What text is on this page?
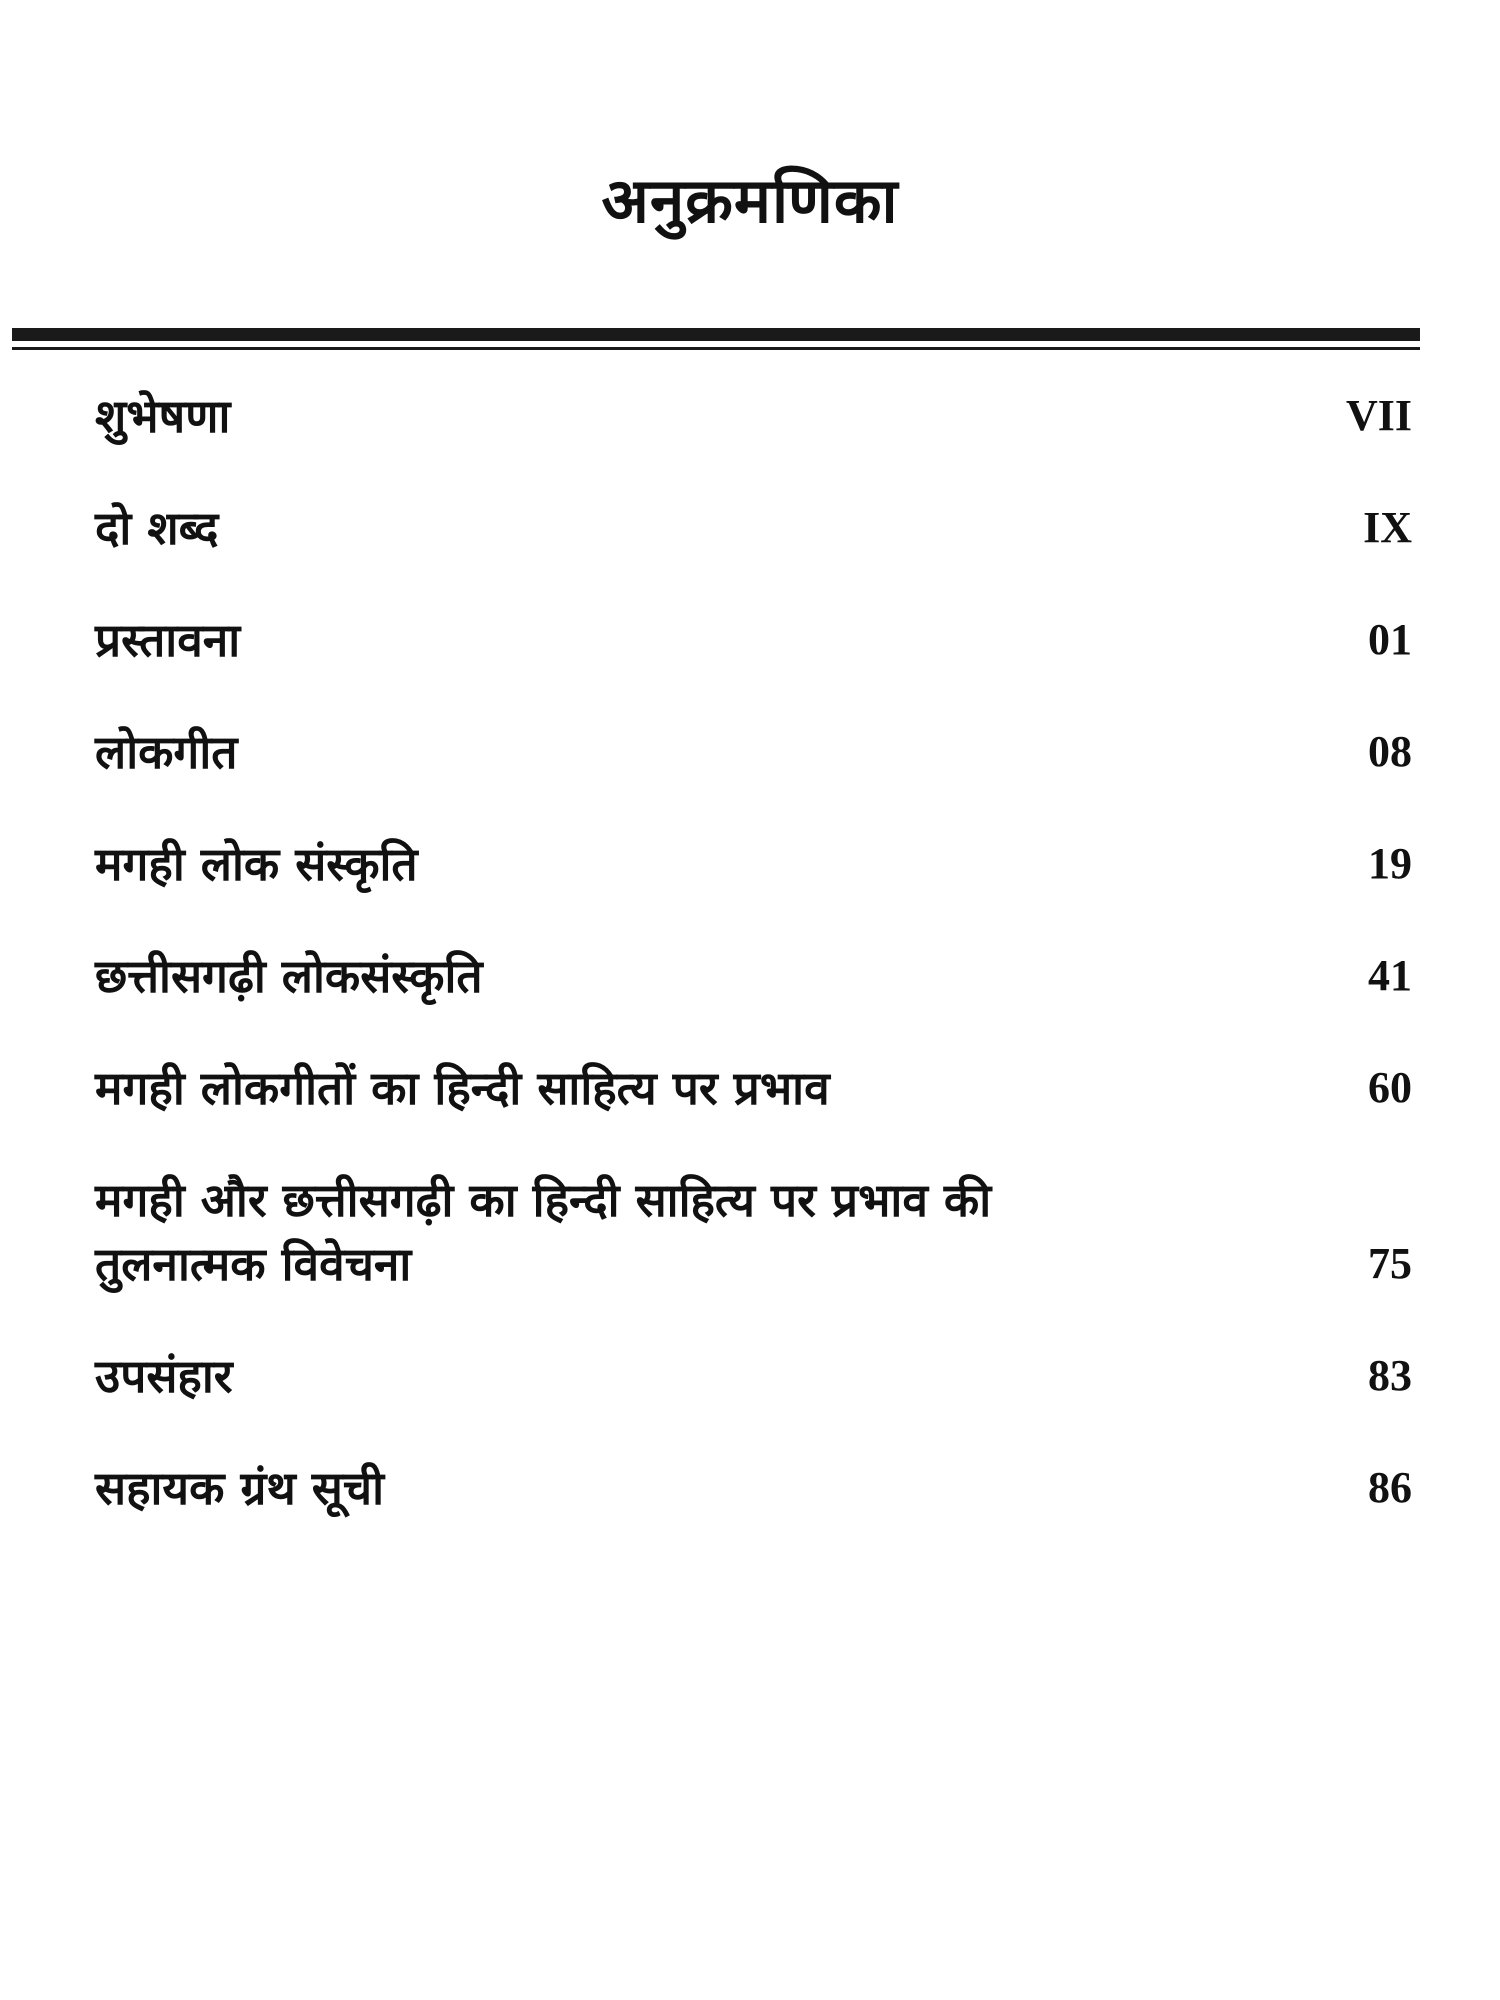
अनुक्रमणिका
शुभेषणा	VII
दो शब्द	IX
प्रस्तावना	01
लोकगीत	08
मगही लोक संस्कृति	19
छत्तीसगढ़ी लोकसंस्कृति	41
मगही लोकगीतों का हिन्दी साहित्य पर प्रभाव	60
मगही और छत्तीसगढ़ी का हिन्दी साहित्य पर प्रभाव की
तुलनात्मक विवेचना	75
उपसंहार	83
सहायक ग्रंथ सूची	86
